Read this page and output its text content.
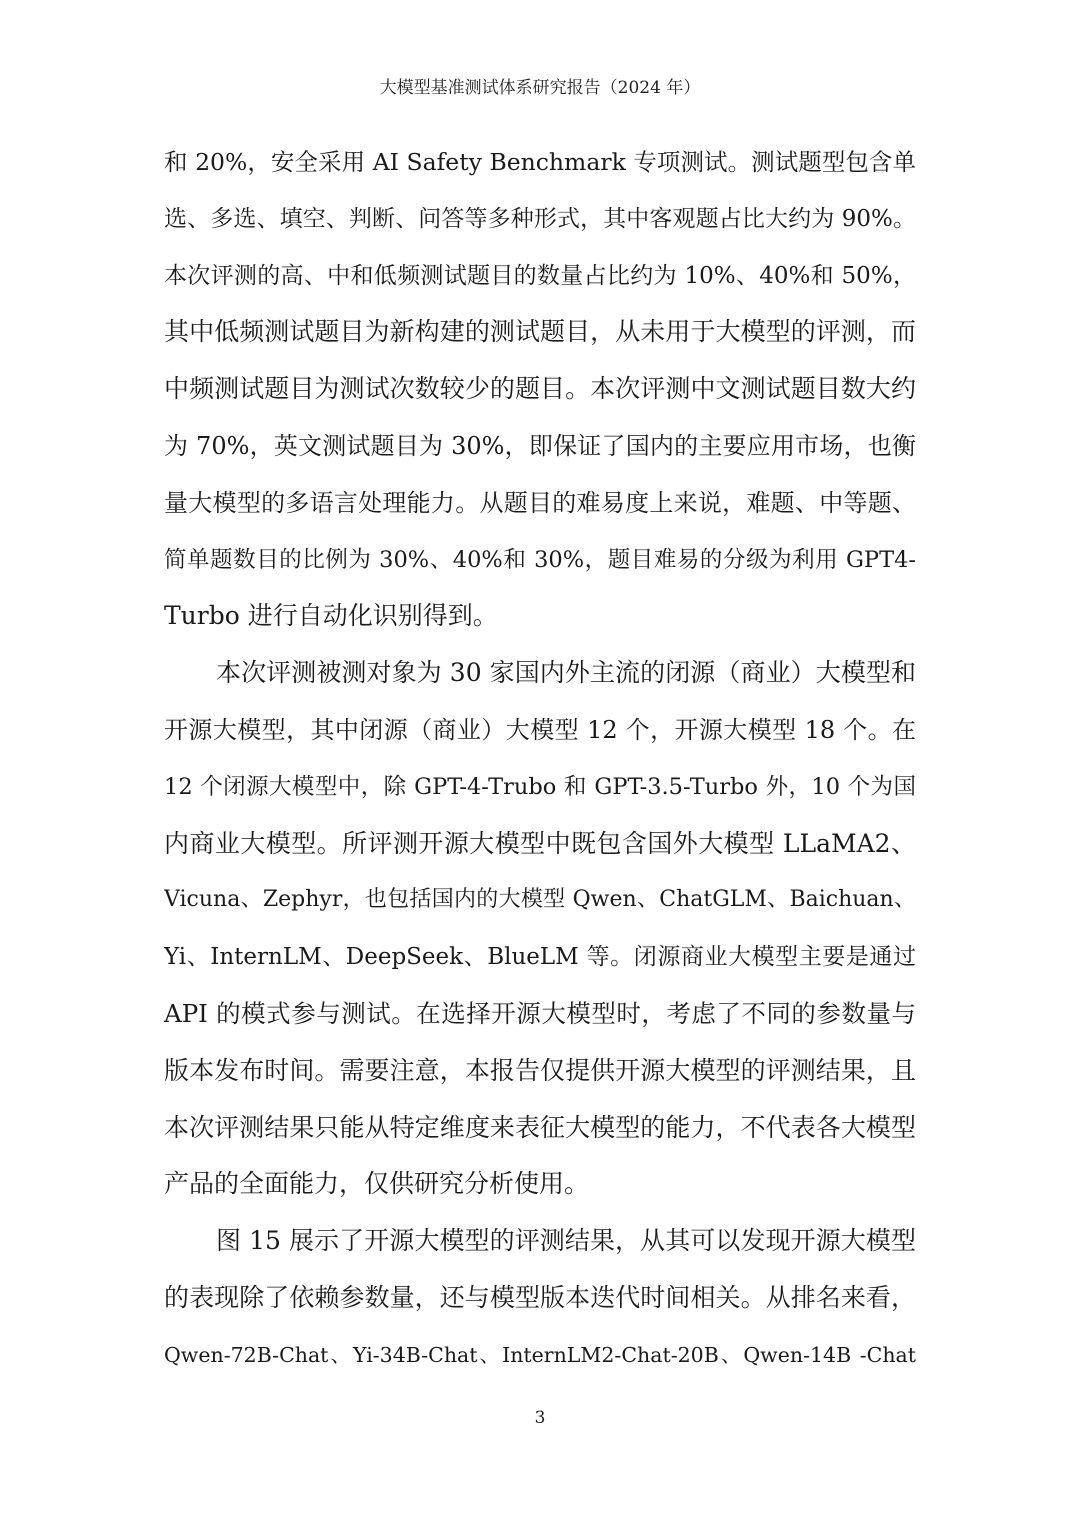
大模型基准测试体系研究报告（2024 年）
和 20%，安全采用 AI Safety Benchmark 专项测试。测试题型包含单
选、多选、填空、判断、问答等多种形式，其中客观题占比大约为 90%。
本次评测的高、中和低频测试题目的数量占比约为 10%、40%和 50%，
其中低频测试题目为新构建的测试题目，从未用于大模型的评测，而
中频测试题目为测试次数较少的题目。本次评测中文测试题目数大约
为 70%，英文测试题目为 30%，即保证了国内的主要应用市场，也衡
量大模型的多语言处理能力。从题目的难易度上来说，难题、中等题、
简单题数目的比例为 30%、40%和 30%，题目难易的分级为利用 GPT4-
Turbo 进行自动化识别得到。
本次评测被测对象为 30 家国内外主流的闭源（商业）大模型和
开源大模型，其中闭源（商业）大模型 12 个，开源大模型 18 个。在
12 个闭源大模型中，除 GPT-4-Trubo 和 GPT-3.5-Turbo 外，10 个为国
内商业大模型。所评测开源大模型中既包含国外大模型 LLaMA2、
Vicuna、Zephyr，也包括国内的大模型 Qwen、ChatGLM、Baichuan、
Yi、InternLM、DeepSeek、BlueLM 等。闭源商业大模型主要是通过
API 的模式参与测试。在选择开源大模型时，考虑了不同的参数量与
版本发布时间。需要注意，本报告仅提供开源大模型的评测结果，且
本次评测结果只能从特定维度来表征大模型的能力，不代表各大模型
产品的全面能力，仅供研究分析使用。
图 15 展示了开源大模型的评测结果，从其可以发现开源大模型
的表现除了依赖参数量，还与模型版本迭代时间相关。从排名来看，
Qwen-72B-Chat、Yi-34B-Chat、InternLM2-Chat-20B、Qwen-14B -Chat
3
